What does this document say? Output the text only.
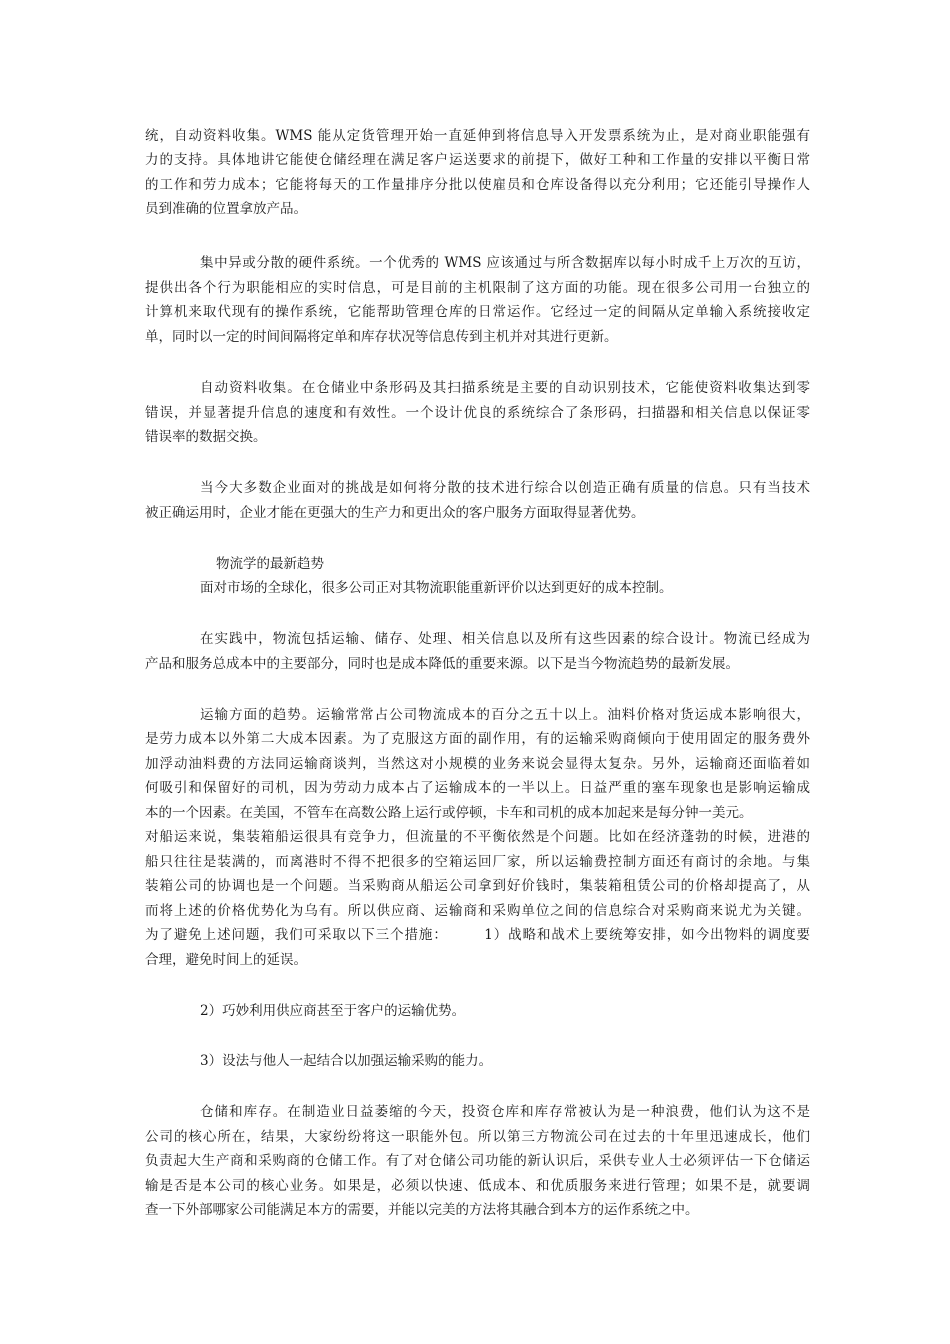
统，自动资料收集。WMS 能从定货管理开始一直延伸到将信息导入开发票系统为止，是对商业职能强有
力的支持。具体地讲它能使仓储经理在满足客户运送要求的前提下，做好工种和工作量的安排以平衡日常
的工作和劳力成本；它能将每天的工作量排序分批以使雇员和仓库设备得以充分利用；它还能引导操作人
员到准确的位置拿放产品。
集中异或分散的硬件系统。一个优秀的 WMS 应该通过与所含数据库以每小时成千上万次的互访，
提供出各个行为职能相应的实时信息，可是目前的主机限制了这方面的功能。现在很多公司用一台独立的
计算机来取代现有的操作系统，它能帮助管理仓库的日常运作。它经过一定的间隔从定单输入系统接收定
单，同时以一定的时间间隔将定单和库存状况等信息传到主机并对其进行更新。
自动资料收集。在仓储业中条形码及其扫描系统是主要的自动识别技术，它能使资料收集达到零
错误，并显著提升信息的速度和有效性。一个设计优良的系统综合了条形码，扫描器和相关信息以保证零
错误率的数据交换。
当今大多数企业面对的挑战是如何将分散的技术进行综合以创造正确有质量的信息。只有当技术
被正确运用时，企业才能在更强大的生产力和更出众的客户服务方面取得显著优势。
物流学的最新趋势
面对市场的全球化，很多公司正对其物流职能重新评价以达到更好的成本控制。
在实践中，物流包括运输、储存、处理、相关信息以及所有这些因素的综合设计。物流已经成为
产品和服务总成本中的主要部分，同时也是成本降低的重要来源。以下是当今物流趋势的最新发展。
运输方面的趋势。运输常常占公司物流成本的百分之五十以上。油料价格对货运成本影响很大，
是劳力成本以外第二大成本因素。为了克服这方面的副作用，有的运输采购商倾向于使用固定的服务费外
加浮动油料费的方法同运输商谈判，当然这对小规模的业务来说会显得太复杂。另外，运输商还面临着如
何吸引和保留好的司机，因为劳动力成本占了运输成本的一半以上。日益严重的塞车现象也是影响运输成
本的一个因素。在美国，不管车在高数公路上运行或停顿，卡车和司机的成本加起来是每分钟一美元。
对船运来说，集装箱船运很具有竞争力，但流量的不平衡依然是个问题。比如在经济蓬勃的时候，进港的
船只往往是装满的，而离港时不得不把很多的空箱运回厂家，所以运输费控制方面还有商讨的余地。与集
装箱公司的协调也是一个问题。当采购商从船运公司拿到好价钱时，集装箱租赁公司的价格却提高了，从
而将上述的价格优势化为乌有。所以供应商、运输商和采购单位之间的信息综合对采购商来说尤为关键。
为了避免上述问题，我们可采取以下三个措施：　　　1）战略和战术上要统筹安排，如今出物料的调度要
合理，避免时间上的延误。
2）巧妙利用供应商甚至于客户的运输优势。
3）设法与他人一起结合以加强运输采购的能力。
仓储和库存。在制造业日益萎缩的今天，投资仓库和库存常被认为是一种浪费，他们认为这不是
公司的核心所在，结果，大家纷纷将这一职能外包。所以第三方物流公司在过去的十年里迅速成长，他们
负责起大生产商和采购商的仓储工作。有了对仓储公司功能的新认识后，采供专业人士必须评估一下仓储运
输是否是本公司的核心业务。如果是，必须以快速、低成本、和优质服务来进行管理；如果不是，就要调
查一下外部哪家公司能满足本方的需要，并能以完美的方法将其融合到本方的运作系统之中。
